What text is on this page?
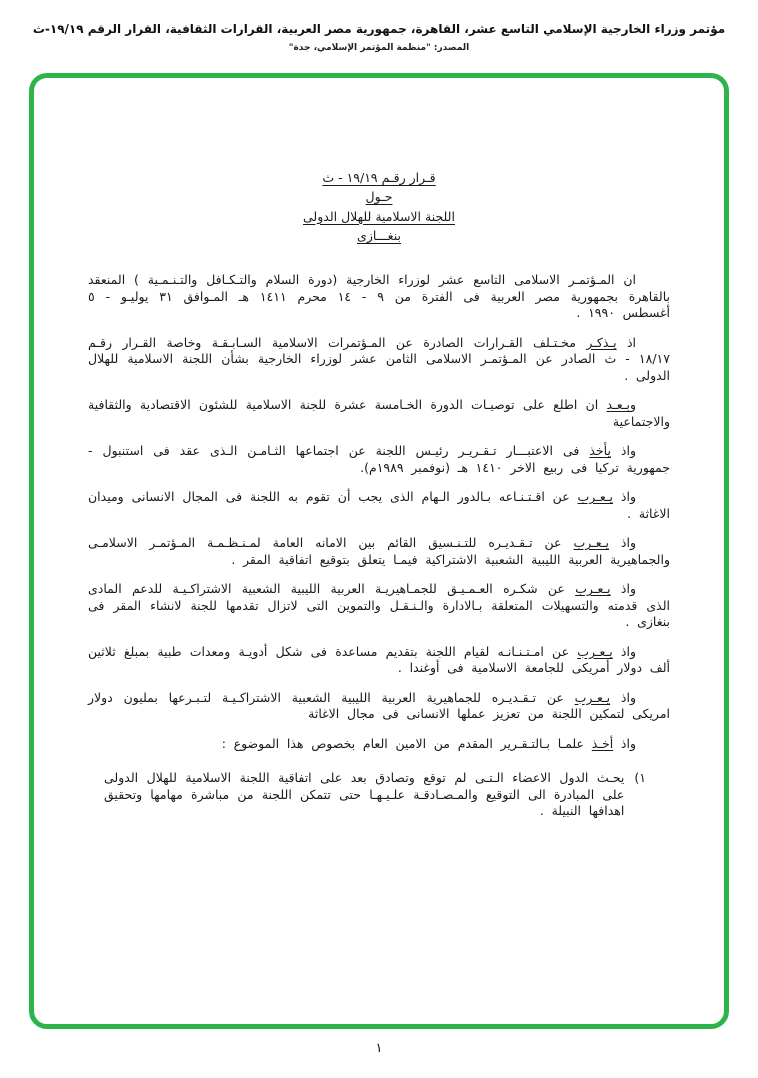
مؤتمر وزراء الخارجية الإسلامي التاسع عشر، القاهرة، جمهورية مصر العربية، القرارات الثقافية، القرار الرقم ١٩/١٩-ث
المصدر: "منظمة المؤتمر الإسلامي، جدة"
قـرار رقـم ١٩/١٩ - ث
حـول
اللجنة الاسلامية للهلال الدولى
بنغـــازى

ان المـؤتمـر الاسلامى التاسع عشر لوزراء الخارجية (دورة السلام والتـكـافل والتـنـمـية ) المنعقد بالقاهرة بجمهورية مصر العربية فى الفترة من ٩ - ١٤ محرم ١٤١١ هـ المـوافق ٣١ يوليـو - ٥ أغسطس ١٩٩٠ .

اذ يـذكـر مخـتـلف القـرارات الصادرة عن المـؤتمرات الاسلامية السـابـقـة وخاصة القـرار رقـم ١٨/١٧ - ث الصادر عن المـؤتمـر الاسلامى الثامن عشر لوزراء الخارجية بشأن اللجنة الاسلامية للهلال الدولى .

وبـعـد ان اطلع على توصيـات الدورة الخـامسة عشرة للجنة الاسلامية للشئون الاقتصادية والثقافية والاجتماعية

واذ يأخذ فى الاعتبـــار تـقـريـر رئيـس اللجنة عن اجتماعها الثـامـن الـذى عقد فى استنبول - جمهورية تركيا فى ربيع الاخر ١٤١٠ هـ (نوفمبر ١٩٨٩م).

واذ يـعـرب عن اقـتـنـاعه بـالدور الـهام الذى يجب أن تقوم به اللجنة فى المجال الانسانى وميدان الاغاثة .

واذ يـعـرب عن تـقـديـره للتـنـسيق القائم بين الامانه العامة لمـنـظـمـة المـؤتمـر الاسلامـى والجماهيرية العربية الليبية الشعبية الاشتراكية فيمـا يتعلق بتوقيع اتفاقية المقر .

واذ يـعـرب عن شكـره العـمـيـق للجمـاهيريـة العربية الليبية الشعبية الاشتراكـيـة للدعم المادى الذى قدمته والتسهيلات المتعلقة بـالادارة والـنـقـل والتموين التى لاتزال تقدمها للجنة لانشاء المقر فى بنغازى .

واذ يـعـرب عن امـتـنـانـه لقيام اللجنة بتقديم مساعدة فى شكل أدويـة ومعدات طبية بمبلغ ثلاثين ألف دولار أمريكى للجامعة الاسلامية فى أوغندا .

واذ يـعـرب عن تـقـديـره للجماهيرية العربية الليبية الشعبية الاشتراكـيـة لتـبـرعها بمليون دولار امريكى لتمكين اللجنة من تعزيز عملها الانسانى فى مجال الاغاثة

واذ أخـذ علمـا بـالتـقـرير المقدم من الامين العام بخصوص هذا الموضوع :

١)
يحـث الدول الاعضاء الـتـى لم توقع وتصادق بعد على اتفاقية اللجنة الاسلامية للهلال الدولى على المبادرة الى التوقيع والمـصـادقـة علـيـهـا حتى تتمكن اللجنة من مباشرة مهامها وتحقيق اهدافها النبيلة .
١
